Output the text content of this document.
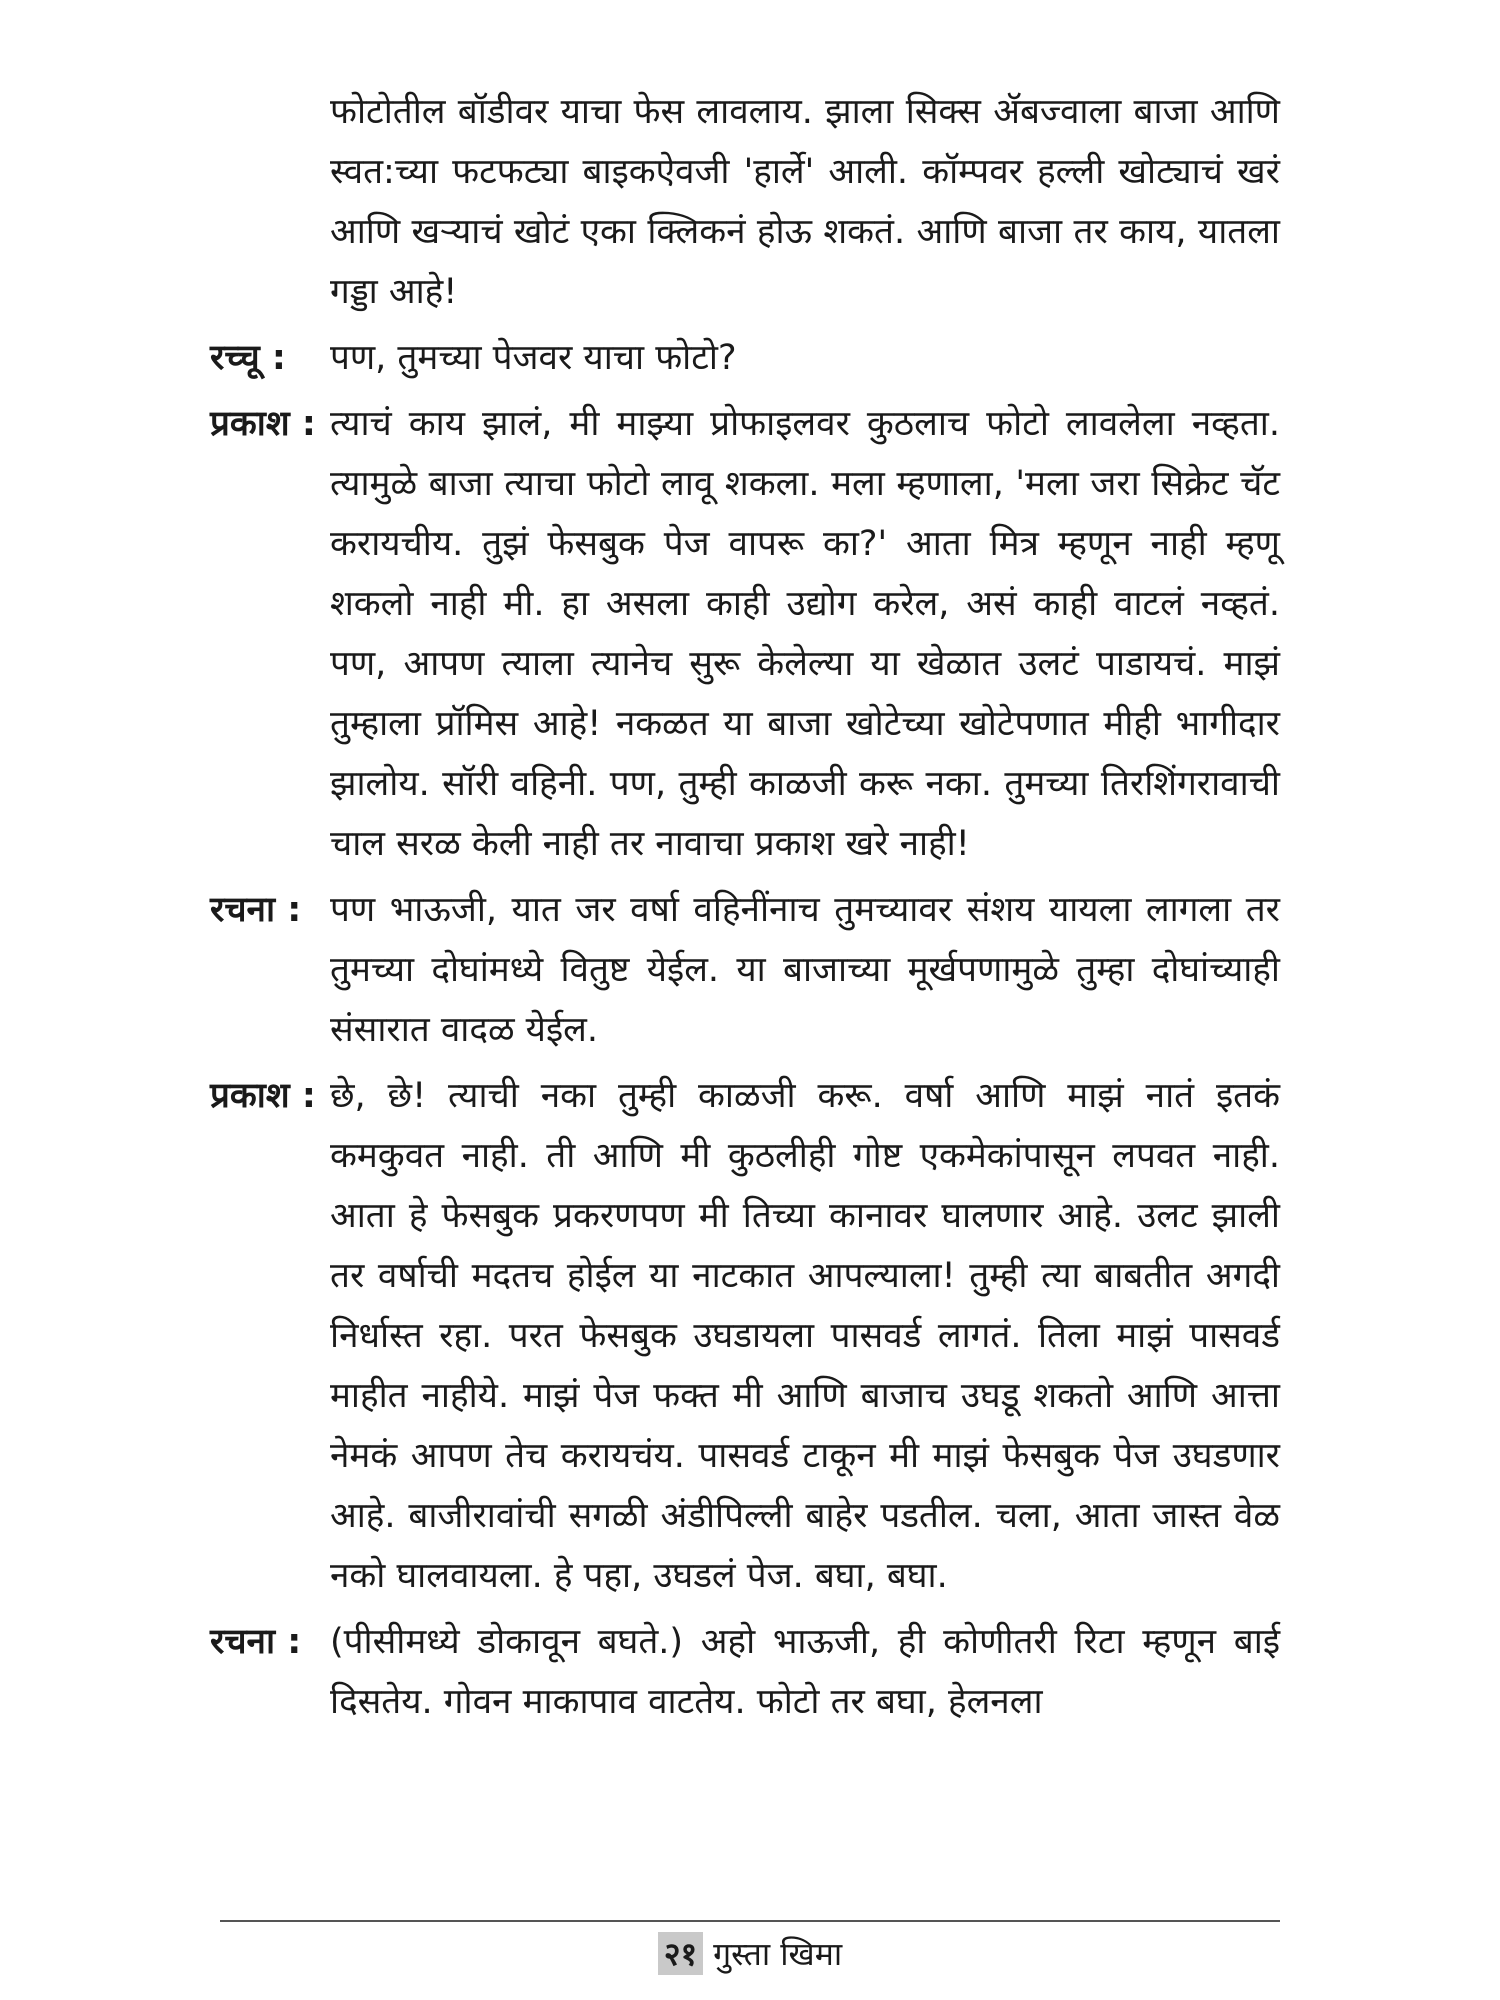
फोटोतील बॉडीवर याचा फेस लावलाय. झाला सिक्स ॲबज्वाला बाजा आणि स्वत:च्या फटफट्या बाइकऐवजी 'हार्ले' आली. कॉम्पवर हल्ली खोट्याचं खरं आणि खऱ्याचं खोटं एका क्लिकनं होऊ शकतं. आणि बाजा तर काय, यातला गड्डा आहे!
रच्चू :	पण, तुमच्या पेजवर याचा फोटो?
प्रकाश : त्याचं काय झालं, मी माझ्या प्रोफाइलवर कुठलाच फोटो लावलेला नव्हता. त्यामुळे बाजा त्याचा फोटो लावू शकला. मला म्हणाला, 'मला जरा सिक्रेट चॅट करायचीय. तुझं फेसबुक पेज वापरू का?' आता मित्र म्हणून नाही म्हणू शकलो नाही मी. हा असला काही उद्योग करेल, असं काही वाटलं नव्हतं. पण, आपण त्याला त्यानेच सुरू केलेल्या या खेळात उलटं पाडायचं. माझं तुम्हाला प्रॉमिस आहे! नकळत या बाजा खोटेच्या खोटेपणात मीही भागीदार झालोय. सॉरी वहिनी. पण, तुम्ही काळजी करू नका. तुमच्या तिरशिंगरावाची चाल सरळ केली नाही तर नावाचा प्रकाश खरे नाही!
रचना : पण भाऊजी, यात जर वर्षा वहिनींनाच तुमच्यावर संशय यायला लागला तर तुमच्या दोघांमध्ये वितुष्ट येईल. या बाजाच्या मूर्खपणामुळे तुम्हा दोघांच्याही संसारात वादळ येईल.
प्रकाश : छे, छे! त्याची नका तुम्ही काळजी करू. वर्षा आणि माझं नातं इतकं कमकुवत नाही. ती आणि मी कुठलीही गोष्ट एकमेकांपासून लपवत नाही. आता हे फेसबुक प्रकरणपण मी तिच्या कानावर घालणार आहे. उलट झाली तर वर्षाची मदतच होईल या नाटकात आपल्याला! तुम्ही त्या बाबतीत अगदी निर्धास्त रहा. परत फेसबुक उघडायला पासवर्ड लागतं. तिला माझं पासवर्ड माहीत नाहीये. माझं पेज फक्त मी आणि बाजाच उघडू शकतो आणि आत्ता नेमकं आपण तेच करायचंय. पासवर्ड टाकून मी माझं फेसबुक पेज उघडणार आहे. बाजीरावांची सगळी अंडीपिल्ली बाहेर पडतील. चला, आता जास्त वेळ नको घालवायला. हे पहा, उघडलं पेज. बघा, बघा.
रचना : (पीसीमध्ये डोकावून बघते.) अहो भाऊजी, ही कोणीतरी रिटा म्हणून बाई दिसतेय. गोवन माकापाव वाटतेय. फोटो तर बघा, हेलनला
२१ गुस्ता खिमा
